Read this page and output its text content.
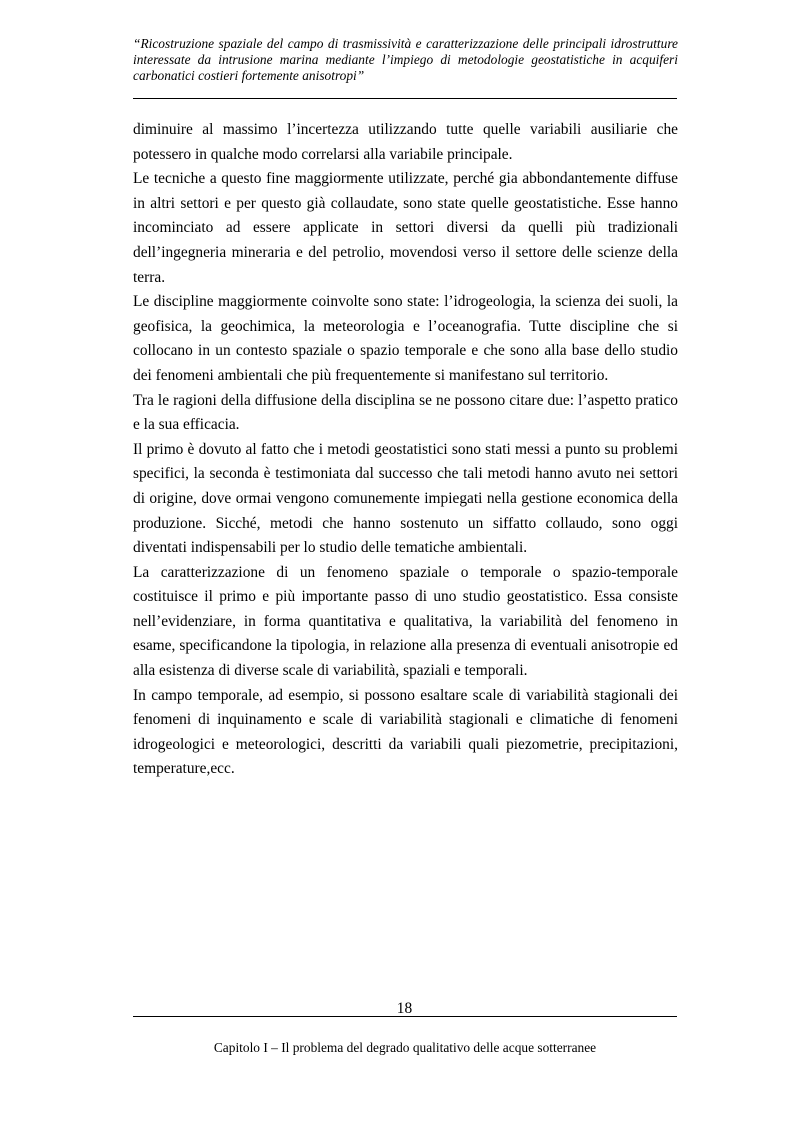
“Ricostruzione spaziale del campo di trasmissività e caratterizzazione delle principali idrostrutture interessate da intrusione marina mediante l’impiego di metodologie geostatistiche in acquiferi carbonatici costieri fortemente anisotropi”

diminuire al massimo l’incertezza utilizzando tutte quelle variabili ausiliarie che potessero in qualche modo correlarsi alla variabile principale.

Le tecniche a questo fine maggiormente utilizzate, perché gia abbondantemente diffuse in altri settori e per questo già collaudate, sono state quelle geostatistiche. Esse hanno incominciato ad essere applicate in settori diversi da quelli più tradizionali dell’ingegneria mineraria e del petrolio, movendosi verso il settore delle scienze della terra.

Le discipline maggiormente coinvolte sono state: l’idrogeologia, la scienza dei suoli, la geofisica, la geochimica, la meteorologia e l’oceanografia. Tutte discipline che si collocano in un contesto spaziale o spazio temporale e che sono alla base dello studio dei fenomeni ambientali che più frequentemente si manifestano sul territorio.

Tra le ragioni della diffusione della disciplina se ne possono citare due: l’aspetto pratico e la sua efficacia.

Il primo è dovuto al fatto che i metodi geostatistici sono stati messi a punto su problemi specifici, la seconda è testimoniata dal successo che tali metodi hanno avuto nei settori di origine, dove ormai vengono comunemente impiegati nella gestione economica della produzione. Sicché, metodi che hanno sostenuto un siffatto collaudo, sono oggi diventati indispensabili per lo studio delle tematiche ambientali.

La caratterizzazione di un fenomeno spaziale o temporale o spazio-temporale costituisce il primo e più importante passo di uno studio geostatistico. Essa consiste nell’evidenziare, in forma quantitativa e qualitativa, la variabilità del fenomeno in esame, specificandone la tipologia, in relazione alla presenza di eventuali anisotropie ed alla esistenza di diverse scale di variabilità, spaziali e temporali.

In campo temporale, ad esempio, si possono esaltare scale di variabilità stagionali dei fenomeni di inquinamento e scale di variabilità stagionali e climatiche di fenomeni idrogeologici e meteorologici, descritti da variabili quali piezometrie, precipitazioni, temperature,ecc.

18
Capitolo I – Il problema del degrado qualitativo delle acque sotterranee
